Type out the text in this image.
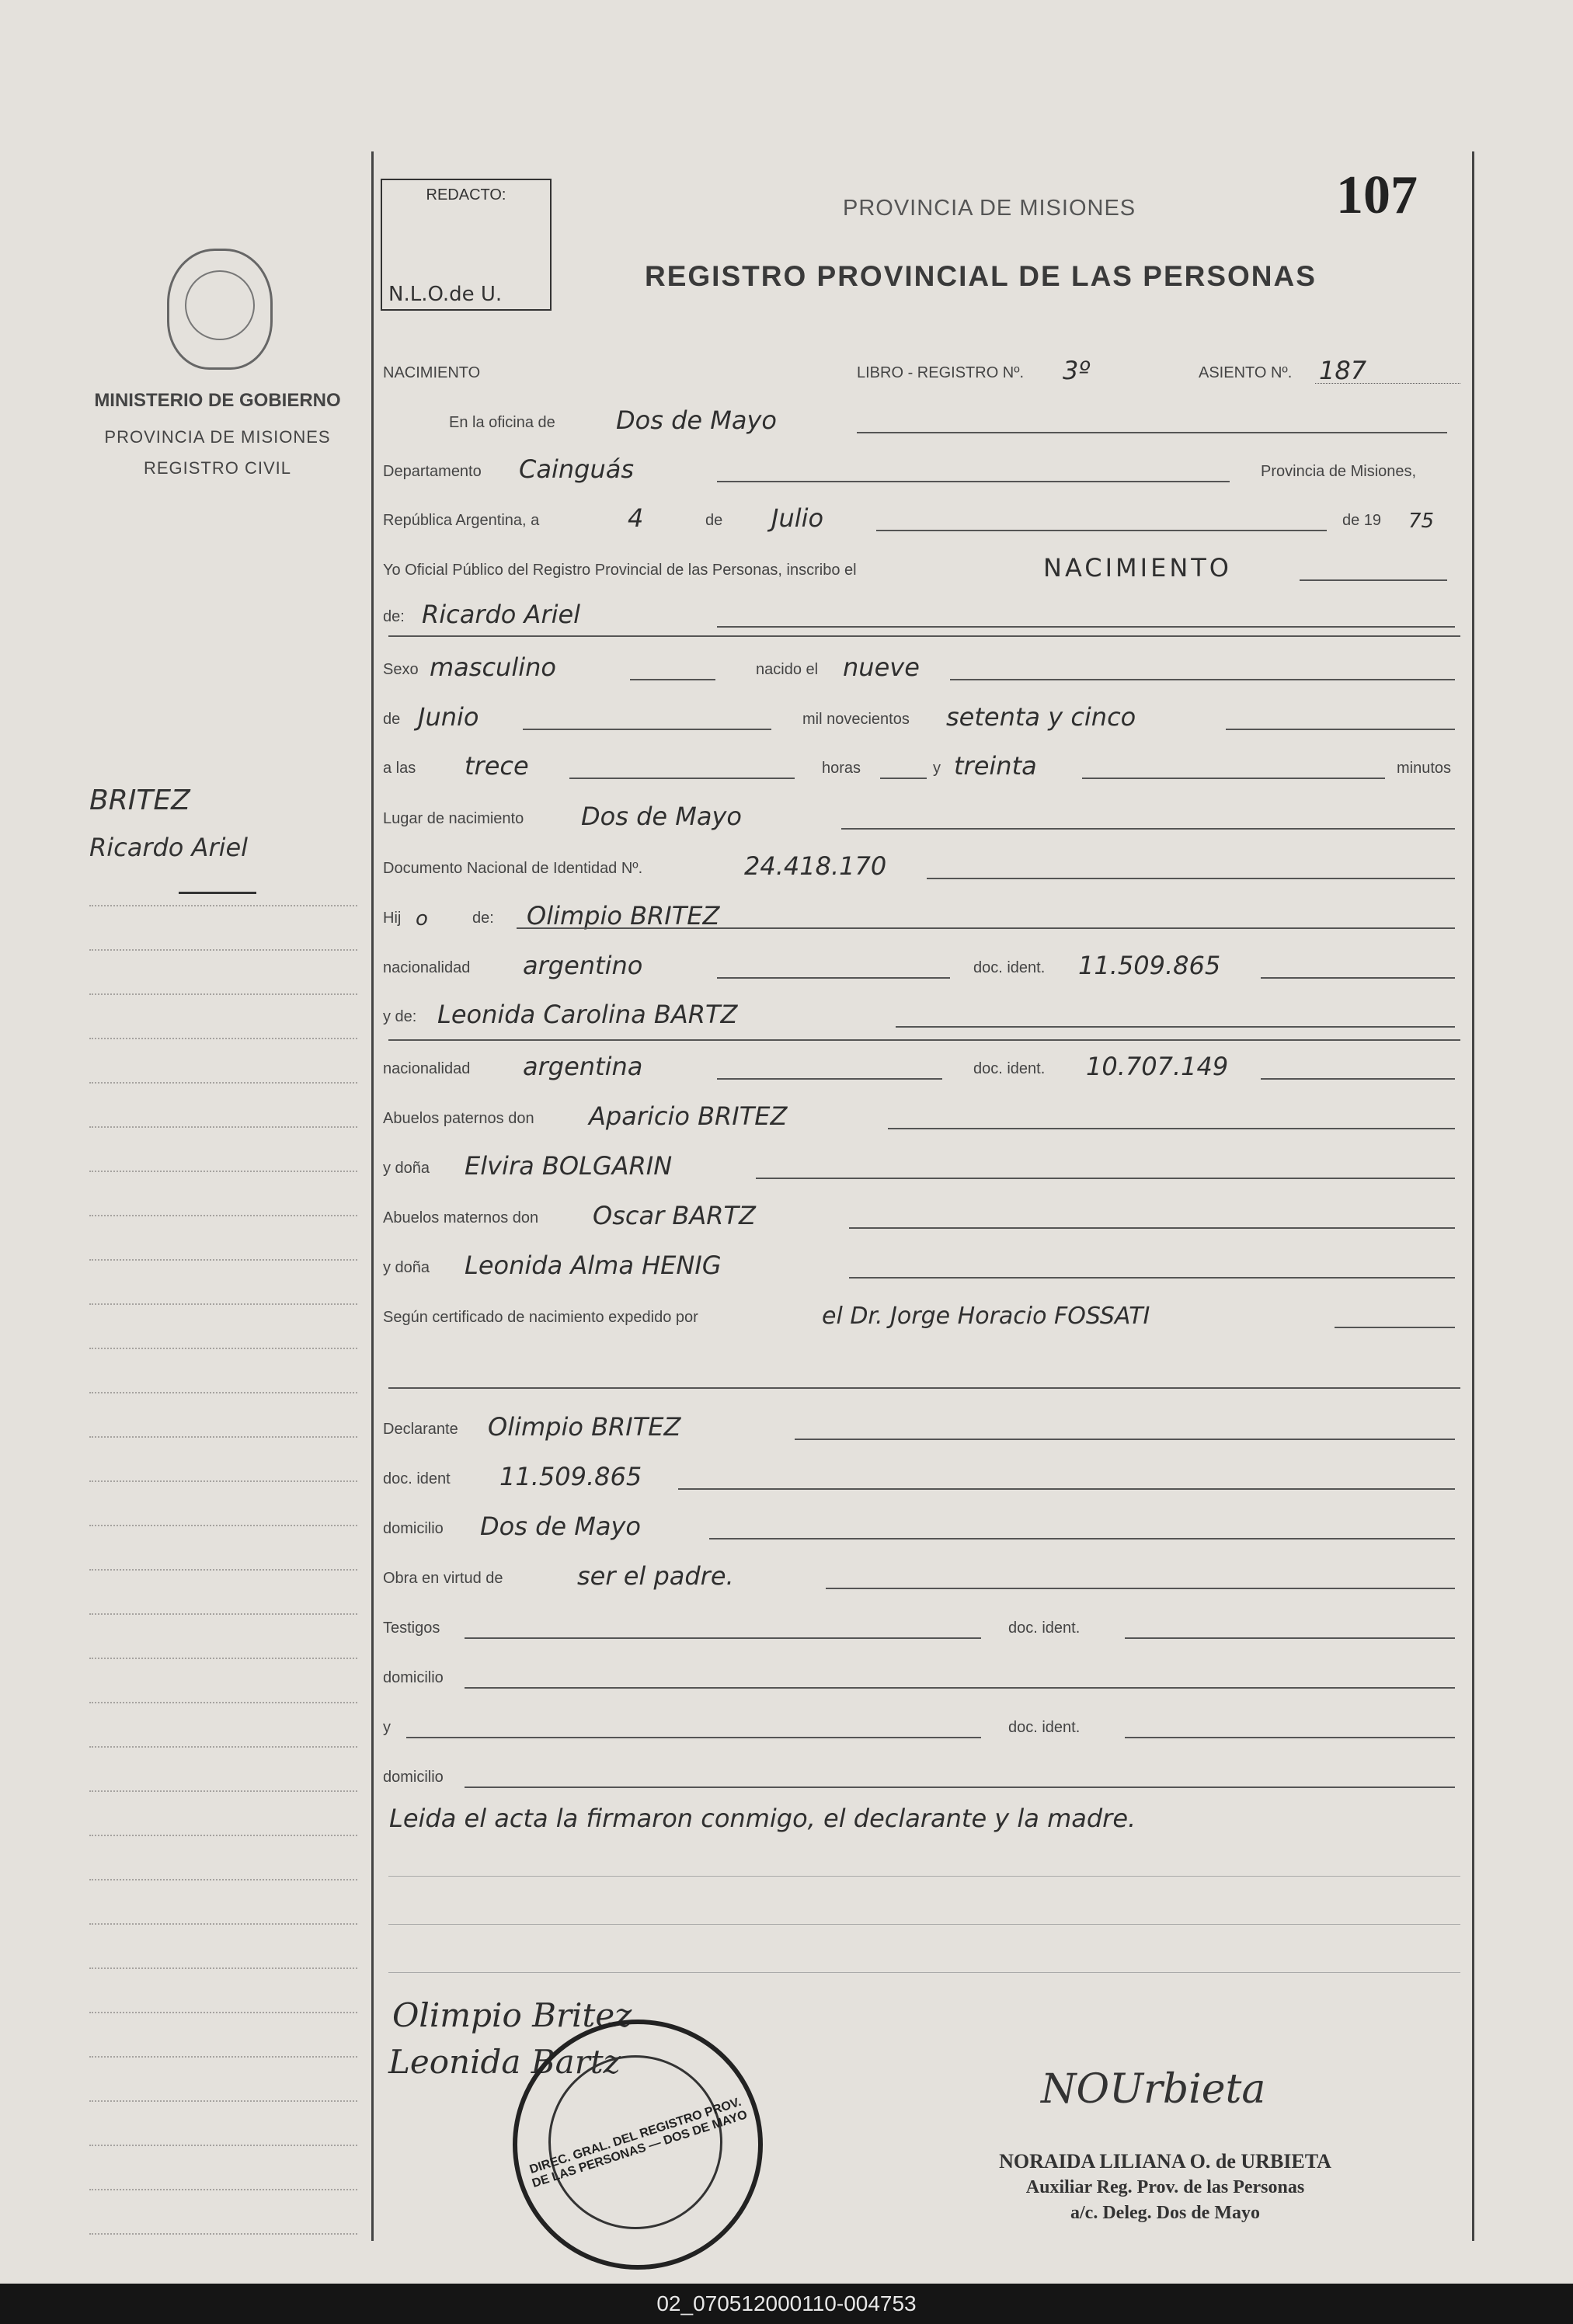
REDACTO:
N.L.O.de U.
PROVINCIA DE MISIONES
REGISTRO PROVINCIAL DE LAS PERSONAS
107
MINISTERIO DE GOBIERNO
PROVINCIA DE MISIONES
REGISTRO CIVIL
BRITEZ
Ricardo Ariel
NACIMIENTO	LIBRO - REGISTRO Nº. 3º	ASIENTO Nº. 187
En la oficina de Dos de Mayo
Departamento Cainguás	Provincia de Misiones,
República Argentina, a	4	de Julio	de 19 75
Yo Oficial Público del Registro Provincial de las Personas, inscribo el	NACIMIENTO
de: Ricardo Ariel
Sexo masculino	nacido el nueve
de Junio	mil novecientos setenta y cinco
a las trece	horas	y treinta	minutos
Lugar de nacimiento Dos de Mayo
Documento Nacional de Identidad Nº.	24.418.170
Hij o	de: Olimpio BRITEZ
nacionalidad argentino	doc. ident. 11.509.865
y de: Leonida Carolina BARTZ
nacionalidad argentina	doc. ident. 10.707.149
Abuelos paternos don Aparicio BRITEZ
y doña Elvira BOLGARIN
Abuelos maternos don Oscar BARTZ
y doña Leonida Alma HENIG
Según certificado de nacimiento expedido por	el Dr. Jorge Horacio FOSSATI
Declarante Olimpio BRITEZ
doc. ident 11.509.865
domicilio Dos de Mayo
Obra en virtud de	ser el padre.
Testigos	doc. ident.
domicilio
y	doc. ident.
domicilio
Leida el acta la firmaron conmigo, el declarante y la madre.
Olimpio Britez
Leonida Bartz
DIREC. GRAL. DEL REGISTRO PROV. DE LAS PERSONAS — DOS DE MAYO
NOUrbieta
NORAIDA LILIANA O. de URBIETA
Auxiliar Reg. Prov. de las Personas
a/c. Deleg. Dos de Mayo
02_070512000110-004753
